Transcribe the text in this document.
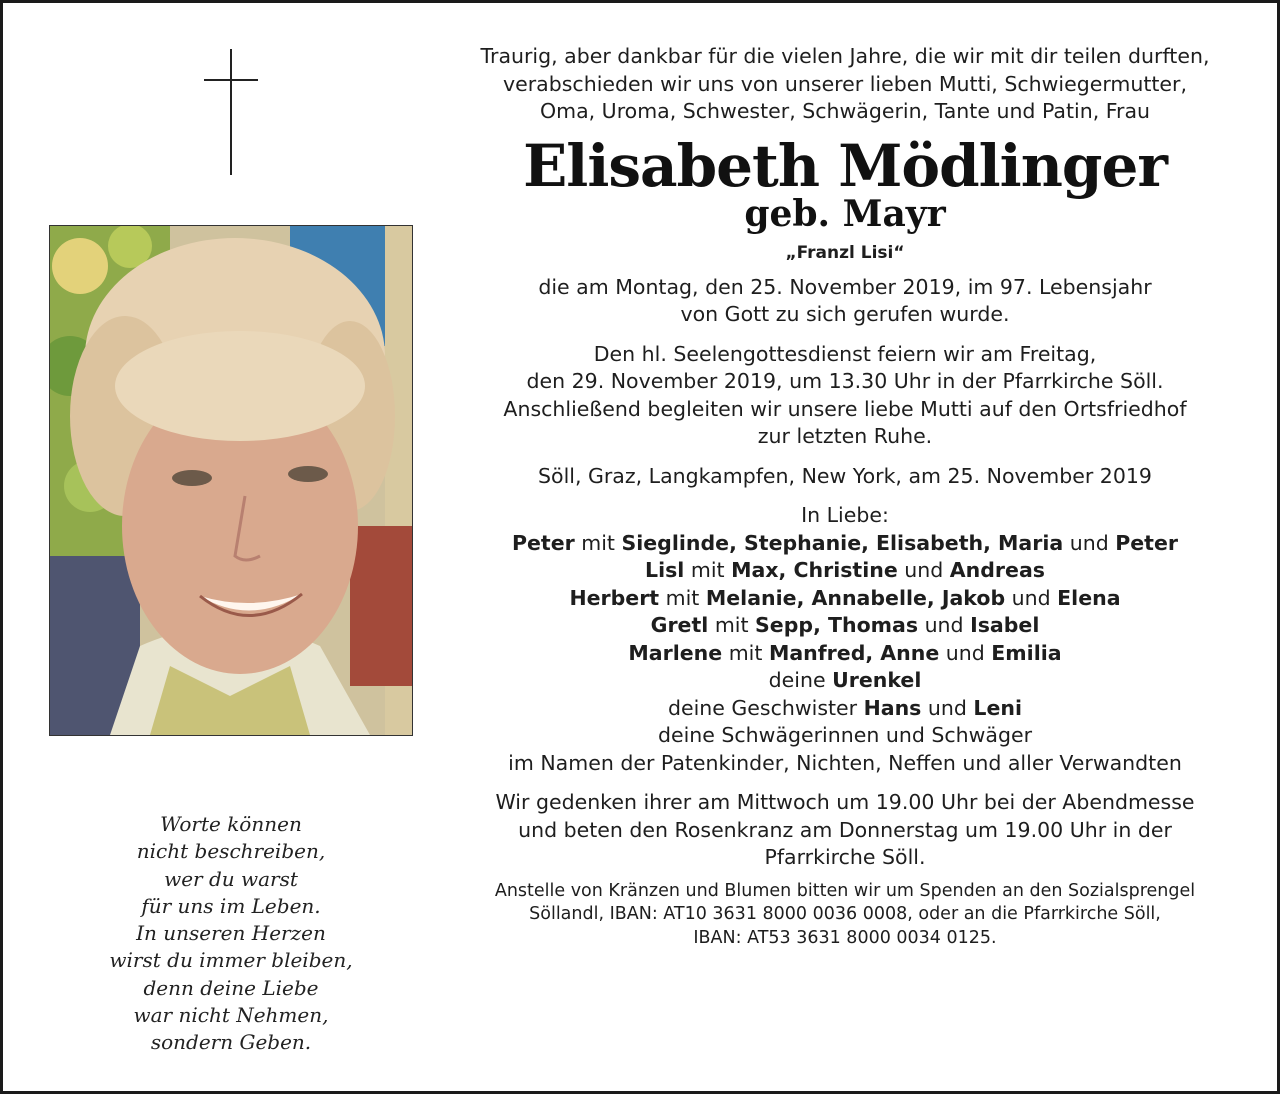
Worte können
nicht beschreiben,
wer du warst
für uns im Leben.
In unseren Herzen
wirst du immer bleiben,
denn deine Liebe
war nicht Nehmen,
sondern Geben.
Traurig, aber dankbar für die vielen Jahre, die wir mit dir teilen durften,
verabschieden wir uns von unserer lieben Mutti, Schwiegermutter,
Oma, Uroma, Schwester, Schwägerin, Tante und Patin, Frau
Elisabeth Mödlinger
geb. Mayr
„Franzl Lisi“
die am Montag, den 25. November 2019, im 97. Lebensjahr
von Gott zu sich gerufen wurde.
Den hl. Seelengottesdienst feiern wir am Freitag,
den 29. November 2019, um 13.30 Uhr in der Pfarrkirche Söll.
Anschließend begleiten wir unsere liebe Mutti auf den Ortsfriedhof
zur letzten Ruhe.
Söll, Graz, Langkampfen, New York, am 25. November 2019
In Liebe:
Peter mit Sieglinde, Stephanie, Elisabeth, Maria und Peter
Lisl mit Max, Christine und Andreas
Herbert mit Melanie, Annabelle, Jakob und Elena
Gretl mit Sepp, Thomas und Isabel
Marlene mit Manfred, Anne und Emilia
deine Urenkel
deine Geschwister Hans und Leni
deine Schwägerinnen und Schwäger
im Namen der Patenkinder, Nichten, Neffen und aller Verwandten
Wir gedenken ihrer am Mittwoch um 19.00 Uhr bei der Abendmesse
und beten den Rosenkranz am Donnerstag um 19.00 Uhr in der
Pfarrkirche Söll.
Anstelle von Kränzen und Blumen bitten wir um Spenden an den Sozialsprengel
Söllandl, IBAN: AT10 3631 8000 0036 0008, oder an die Pfarrkirche Söll,
IBAN: AT53 3631 8000 0034 0125.
